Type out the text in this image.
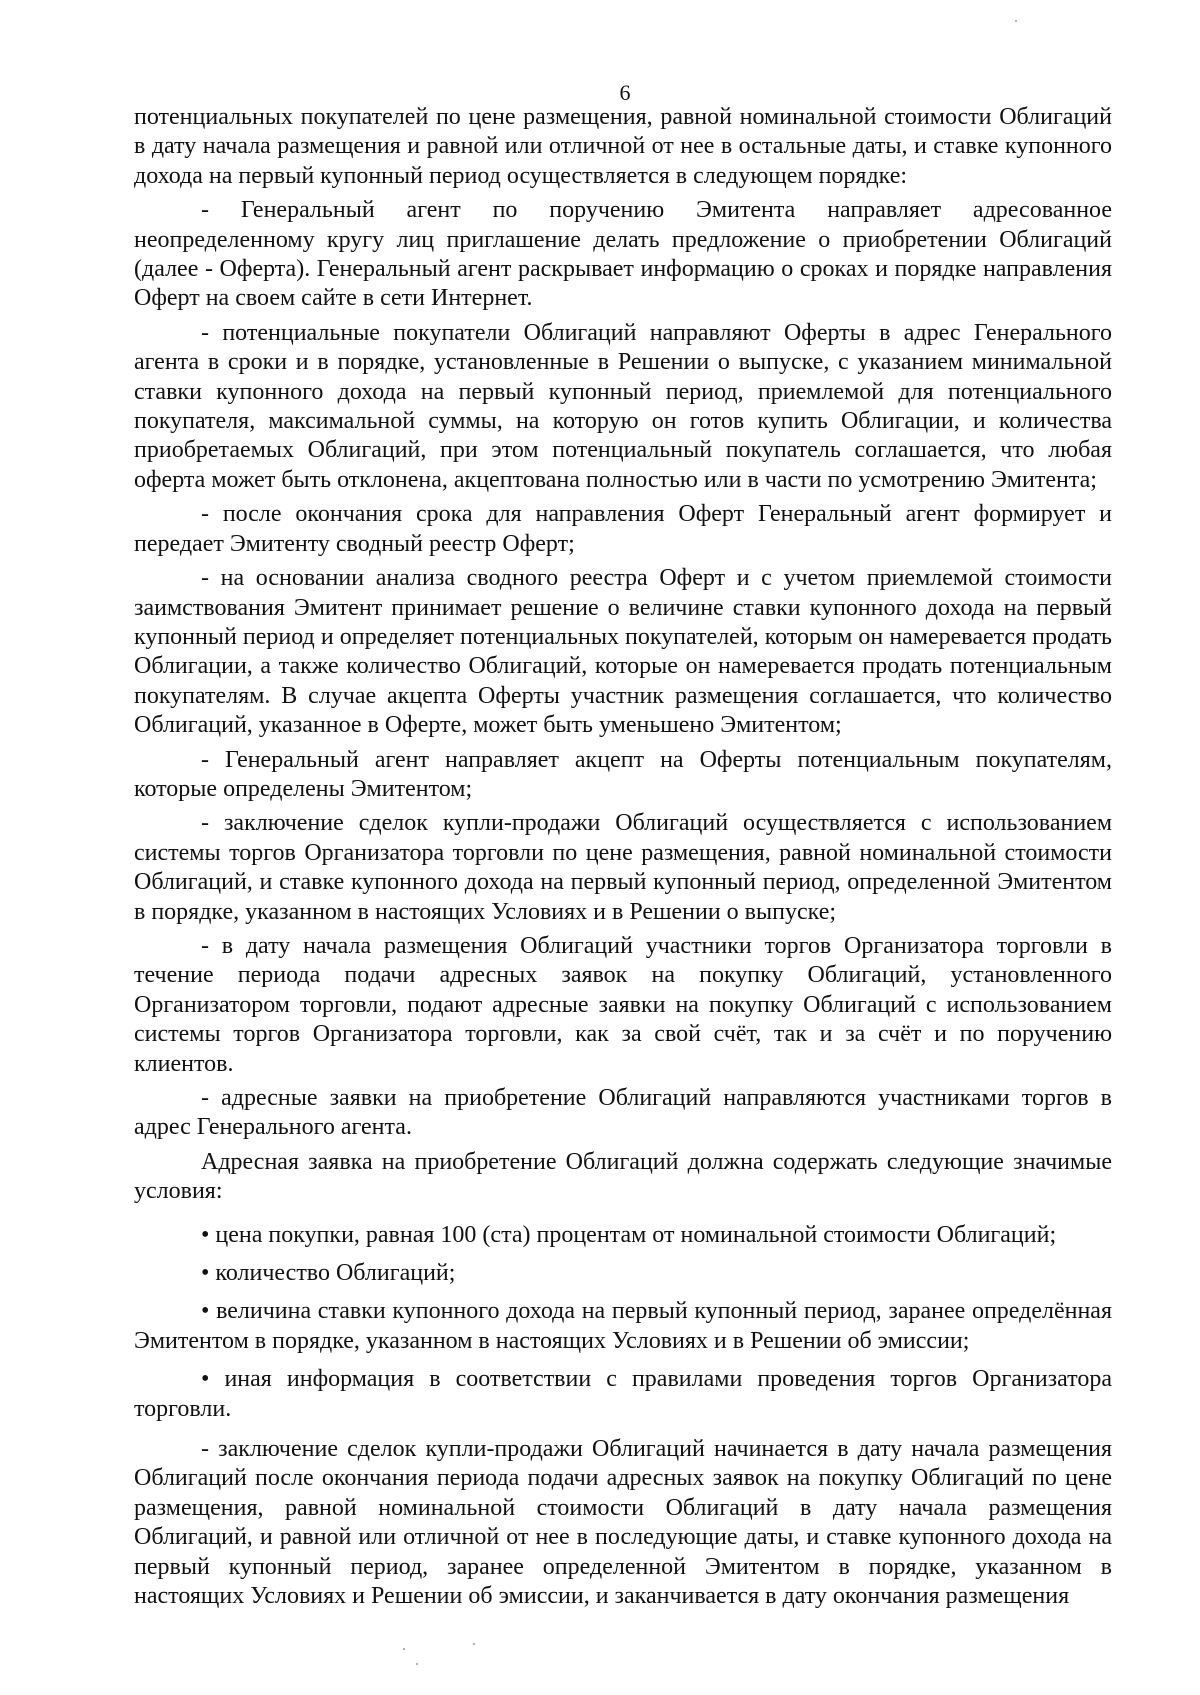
6

потенциальных покупателей по цене размещения, равной номинальной стоимости Облигаций в дату начала размещения и равной или отличной от нее в остальные даты, и ставке купонного дохода на первый купонный период осуществляется в следующем порядке:

- Генеральный агент по поручению Эмитента направляет адресованное неопределенному кругу лиц приглашение делать предложение о приобретении Облигаций (далее - Оферта). Генеральный агент раскрывает информацию о сроках и порядке направления Оферт на своем сайте в сети Интернет.

- потенциальные покупатели Облигаций направляют Оферты в адрес Генерального агента в сроки и в порядке, установленные в Решении о выпуске, с указанием минимальной ставки купонного дохода на первый купонный период, приемлемой для потенциального покупателя, максимальной суммы, на которую он готов купить Облигации, и количества приобретаемых Облигаций, при этом потенциальный покупатель соглашается, что любая оферта может быть отклонена, акцептована полностью или в части по усмотрению Эмитента;

- после окончания срока для направления Оферт Генеральный агент формирует и передает Эмитенту сводный реестр Оферт;

- на основании анализа сводного реестра Оферт и с учетом приемлемой стоимости заимствования Эмитент принимает решение о величине ставки купонного дохода на первый купонный период и определяет потенциальных покупателей, которым он намеревается продать Облигации, а также количество Облигаций, которые он намеревается продать потенциальным покупателям. В случае акцепта Оферты участник размещения соглашается, что количество Облигаций, указанное в Оферте, может быть уменьшено Эмитентом;

- Генеральный агент направляет акцепт на Оферты потенциальным покупателям, которые определены Эмитентом;

- заключение сделок купли-продажи Облигаций осуществляется с использованием системы торгов Организатора торговли по цене размещения, равной номинальной стоимости Облигаций, и ставке купонного дохода на первый купонный период, определенной Эмитентом в порядке, указанном в настоящих Условиях и в Решении о выпуске;

- в дату начала размещения Облигаций участники торгов Организатора торговли в течение периода подачи адресных заявок на покупку Облигаций, установленного Организатором торговли, подают адресные заявки на покупку Облигаций с использованием системы торгов Организатора торговли, как за свой счёт, так и за счёт и по поручению клиентов.

- адресные заявки на приобретение Облигаций направляются участниками торгов в адрес Генерального агента.

Адресная заявка на приобретение Облигаций должна содержать следующие значимые условия:

• цена покупки, равная 100 (ста) процентам от номинальной стоимости Облигаций;

• количество Облигаций;

• величина ставки купонного дохода на первый купонный период, заранее определённая Эмитентом в порядке, указанном в настоящих Условиях и в Решении об эмиссии;

• иная информация в соответствии с правилами проведения торгов Организатора торговли.

- заключение сделок купли-продажи Облигаций начинается в дату начала размещения Облигаций после окончания периода подачи адресных заявок на покупку Облигаций по цене размещения, равной номинальной стоимости Облигаций в дату начала размещения Облигаций, и равной или отличной от нее в последующие даты, и ставке купонного дохода на первый купонный период, заранее определенной Эмитентом в порядке, указанном в настоящих Условиях и Решении об эмиссии, и заканчивается в дату окончания размещения
